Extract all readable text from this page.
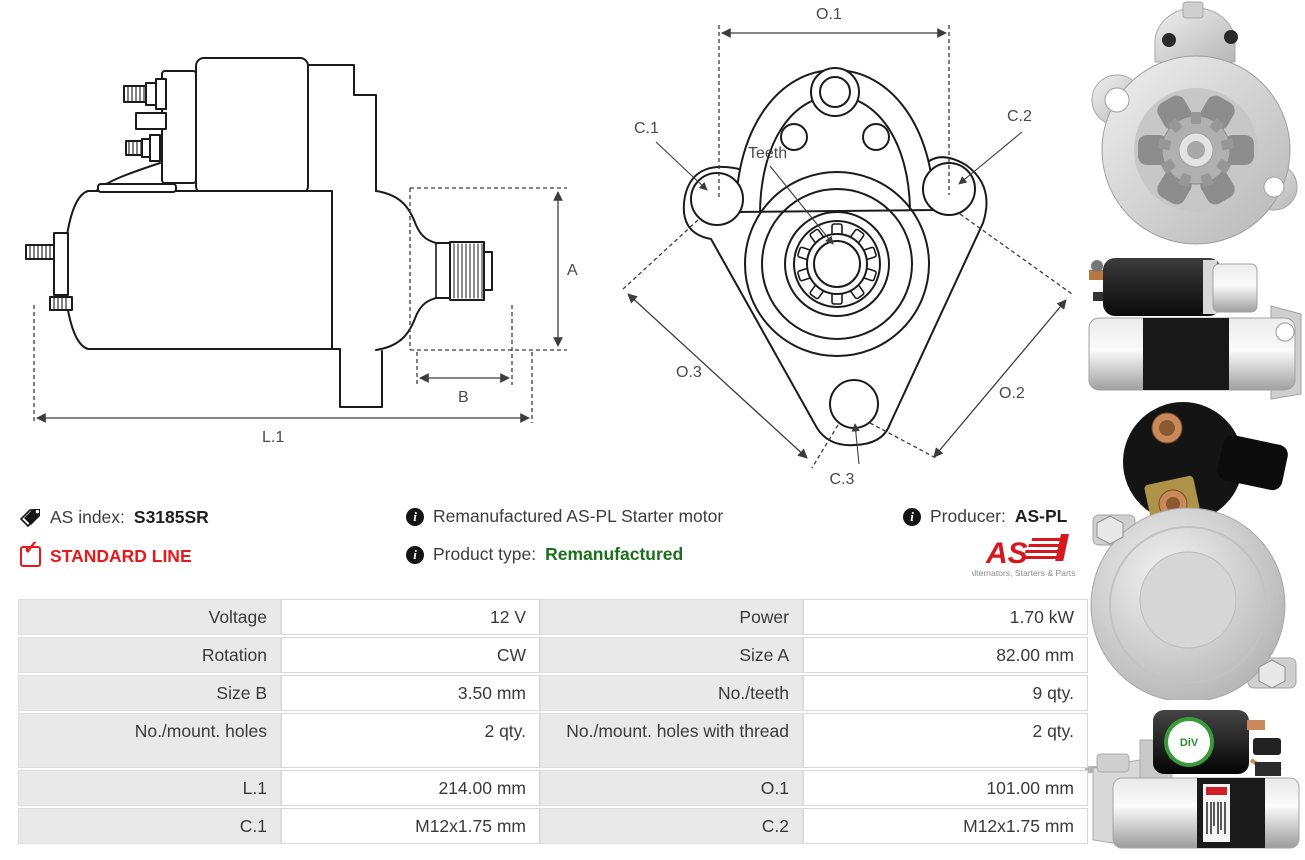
A
B
L.1
O.1
C.1
C.2
Teeth
O.3
O.2
C.3
DiV
AS index: S3185SR
✓ STANDARD LINE
i Remanufactured AS-PL Starter motor
i Product type: Remanufactured
i Producer: AS-PL
AS
Alternators, Starters & Parts
Voltage	12 V	Power	1.70 kW
Rotation	CW	Size A	82.00 mm
Size B	3.50 mm	No./teeth	9 qty.
No./mount. holes	2 qty.	No./mount. holes with thread	2 qty.
L.1	214.00 mm	O.1	101.00 mm
C.1	M12x1.75 mm	C.2	M12x1.75 mm
